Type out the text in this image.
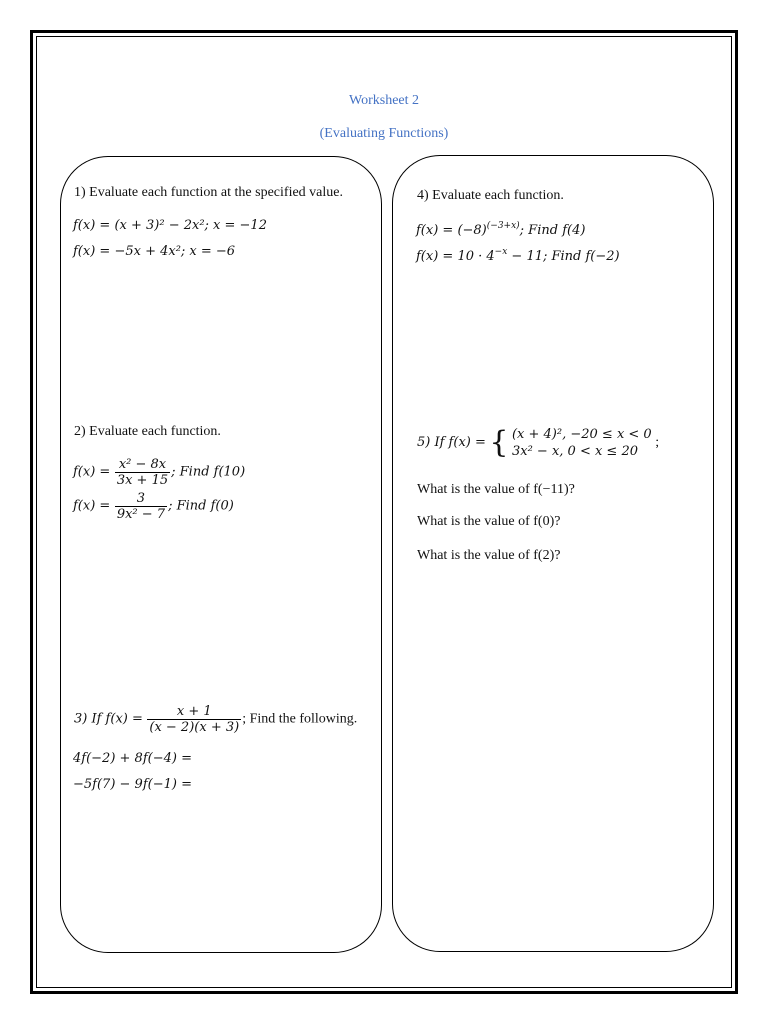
Worksheet 2
(Evaluating Functions)
1) Evaluate each function at the specified value.
f(x) = (x + 3)² − 2x²; x = −12
f(x) = −5x + 4x²; x = −6
2) Evaluate each function.
$f(x) = \frac{\text{x² − 8x}}{3x + 15}$ ; Find f(10)
$f(x) = \frac{3}{\text{9x² − 7}}$ ; Find f(0)
3) If $f(x) = \frac{x + 1}{(x - 2)(x + 3)}$ ; Find the following.
4f(−2) + 8f(−4) =
−5f(7) − 9f(−1) =
4) Evaluate each function.
$f(x) = (-8)^{(-3+x)}$; Find f(4)
$f(x) = 10 \cdot 4^{-x} - 11$; Find f(−2)
5) If f(x) = { (x + 4)², −20 ≤ x < 0
3x² − x, 0 < x ≤ 20
;
What is the value of f(−11)?
What is the value of f(0)?
What is the value of f(2)?
